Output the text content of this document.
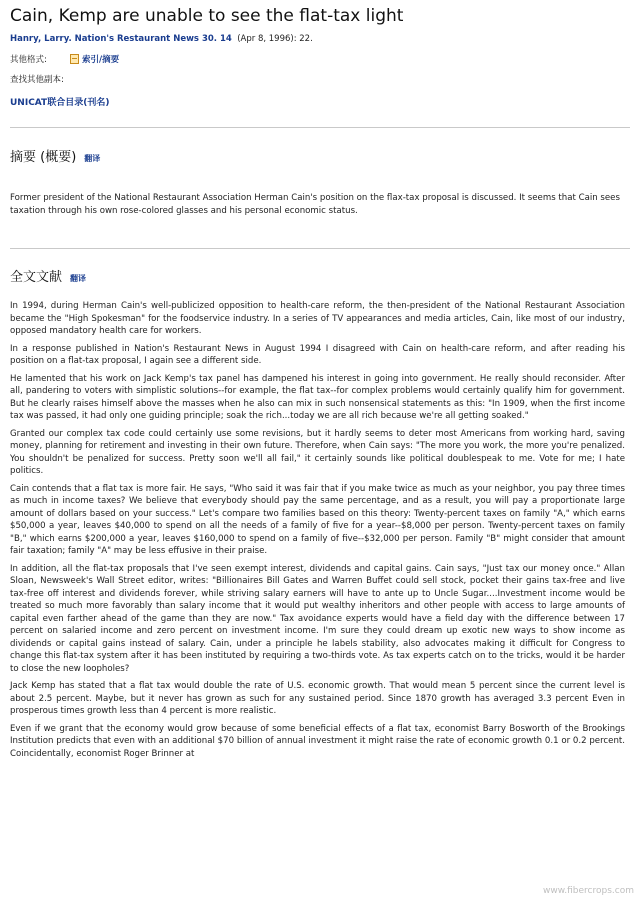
Cain, Kemp are unable to see the flat-tax light
Hanry, Larry. Nation's Restaurant News 30. 14 (Apr 8, 1996): 22.
其他格式:	索引/摘要
查找其他副本:
UNICAT联合目录(刊名)
摘要 (概要) 翻译

Former president of the National Restaurant Association Herman Cain's position on the flax-tax proposal is discussed. It seems that Cain sees taxation through his own rose-colored glasses and his personal economic status.

全文文献 翻译

In 1994, during Herman Cain's well-publicized opposition to health-care reform, the then-president of the National Restaurant Association became the "High Spokesman" for the foodservice industry. In a series of TV appearances and media articles, Cain, like most of our industry, opposed mandatory health care for workers.

In a response published in Nation's Restaurant News in August 1994 I disagreed with Cain on health-care reform, and after reading his position on a flat-tax proposal, I again see a different side.

He lamented that his work on Jack Kemp's tax panel has dampened his interest in going into government. He really should reconsider. After all, pandering to voters with simplistic solutions--for example, the flat tax--for complex problems would certainly qualify him for government. But he clearly raises himself above the masses when he also can mix in such nonsensical statements as this: "In 1909, when the first income tax was passed, it had only one guiding principle; soak the rich...today we are all rich because we're all getting soaked."

Granted our complex tax code could certainly use some revisions, but it hardly seems to deter most Americans from working hard, saving money, planning for retirement and investing in their own future. Therefore, when Cain says: "The more you work, the more you're penalized. You shouldn't be penalized for success. Pretty soon we'll all fail," it certainly sounds like political doublespeak to me. Vote for me; I hate politics.

Cain contends that a flat tax is more fair. He says, "Who said it was fair that if you make twice as much as your neighbor, you pay three times as much in income taxes? We believe that everybody should pay the same percentage, and as a result, you will pay a proportionate large amount of dollars based on your success." Let's compare two families based on this theory: Twenty-percent taxes on family "A," which earns $50,000 a year, leaves $40,000 to spend on all the needs of a family of five for a year--$8,000 per person. Twenty-percent taxes on family "B," which earns $200,000 a year, leaves $160,000 to spend on a family of five--$32,000 per person. Family "B" might consider that amount fair taxation; family "A" may be less effusive in their praise.

In addition, all the flat-tax proposals that I've seen exempt interest, dividends and capital gains. Cain says, "Just tax our money once." Allan Sloan, Newsweek's Wall Street editor, writes: "Billionaires Bill Gates and Warren Buffet could sell stock, pocket their gains tax-free and live tax-free off interest and dividends forever, while striving salary earners will have to ante up to Uncle Sugar....Investment income would be treated so much more favorably than salary income that it would put wealthy inheritors and other people with access to large amounts of capital even farther ahead of the game than they are now." Tax avoidance experts would have a field day with the difference between 17 percent on salaried income and zero percent on investment income. I'm sure they could dream up exotic new ways to show income as dividends or capital gains instead of salary. Cain, under a principle he labels stability, also advocates making it difficult for Congress to change this flat-tax system after it has been instituted by requiring a two-thirds vote. As tax experts catch on to the tricks, would it be harder to close the new loopholes?

Jack Kemp has stated that a flat tax would double the rate of U.S. economic growth. That would mean 5 percent since the current level is about 2.5 percent. Maybe, but it never has grown as such for any sustained period. Since 1870 growth has averaged 3.3 percent Even in prosperous times growth less than 4 percent is more realistic.

Even if we grant that the economy would grow because of some beneficial effects of a flat tax, economist Barry Bosworth of the Brookings Institution predicts that even with an additional $70 billion of annual investment it might raise the rate of economic growth 0.1 or 0.2 percent. Coincidentally, economist Roger Brinner at

www.fibercrops.com
